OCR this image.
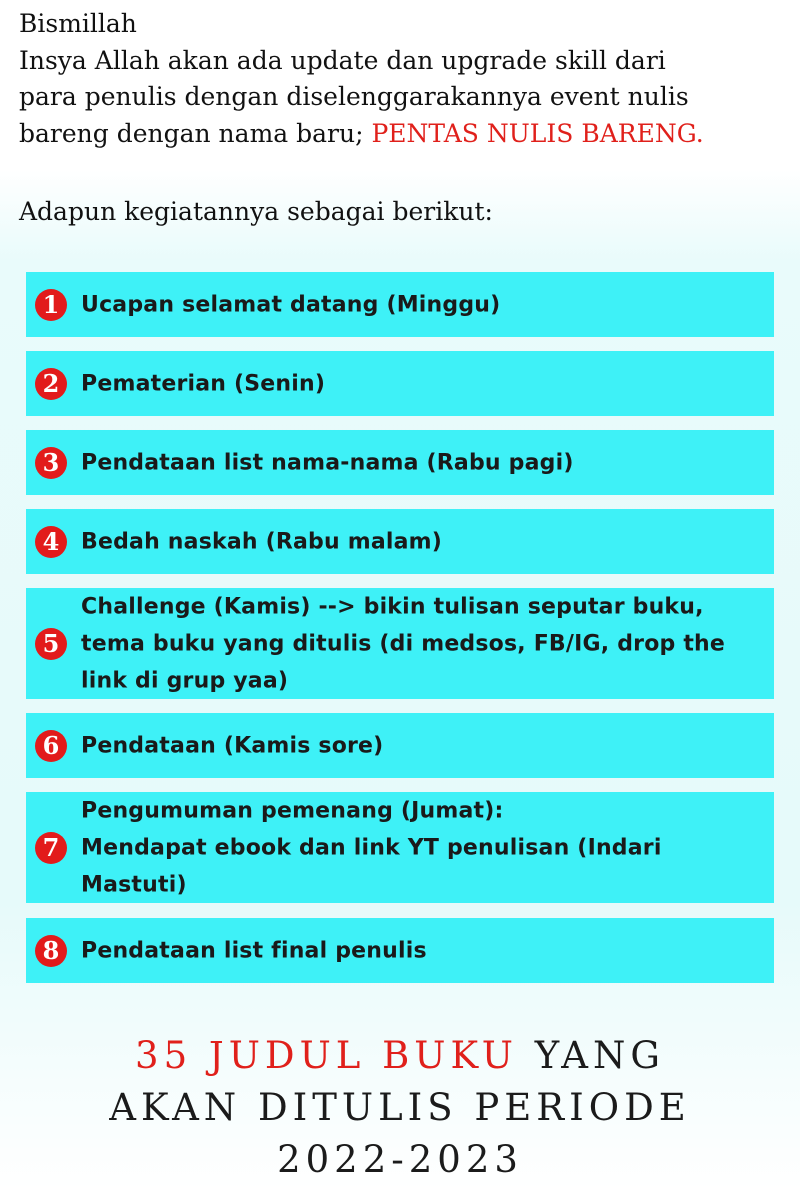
Bismillah
Insya Allah akan ada update dan upgrade skill dari
para penulis dengan diselenggarakannya event nulis
bareng dengan nama baru; PENTAS NULIS BARENG.
Adapun kegiatannya sebagai berikut:
1 Ucapan selamat datang (Minggu)
2 Pematerian (Senin)
3 Pendataan list nama-nama (Rabu pagi)
4 Bedah naskah (Rabu malam)
5
Challenge (Kamis) --> bikin tulisan seputar buku,
tema buku yang ditulis (di medsos, FB/IG, drop the
link di grup yaa)
6 Pendataan (Kamis sore)
7
Pengumuman pemenang (Jumat):
Mendapat ebook dan link YT penulisan (Indari
Mastuti)
8 Pendataan list final penulis
35 JUDUL BUKU YANG
AKAN DITULIS PERIODE
2022-2023
